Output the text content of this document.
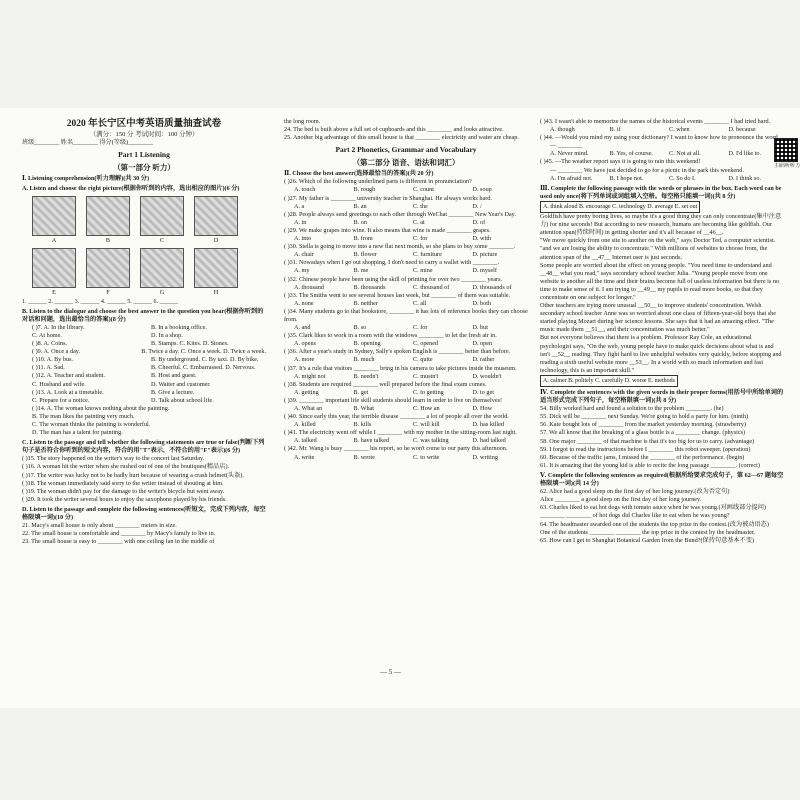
扫码听听力
2020 年长宁区中考英语质量抽查试卷
（满分：150 分 考试时间：100 分钟）

班级________ 姓名________ 得分(等级)________

Part 1 Listening
（第一部分 听力）

Ⅰ. Listening comprehension(听力理解)(共 30 分)

A. Listen and choose the right picture(根据你听到的内容，选出相应的图片)(6 分)

A	B	C	D
E	F	G	H

1. ______ 2. ______ 3. ______ 4. ______ 5. ______ 6. ______

B. Listen to the dialogue and choose the best answer to the question you hear(根据你听到的对话和问题，选出最恰当的答案)(8 分)

( )7. A. In the library.	B. In a booking office.
C. At home.	D. In a shop.
( )8. A. Coins.	B. Stamps. C. Kites. D. Stones.
( )9. A. Once a day.	B. Twice a day. C. Once a week. D. Twice a week.
( )10. A. By bus.	B. By underground. C. By taxi. D. By bike.
( )11. A. Sad.	B. Cheerful. C. Embarrassed. D. Nervous.
( )12. A. Teacher and student.	B. Host and guest.
C. Husband and wife.	D. Waiter and customer.
( )13. A. Look at a timetable.	B. Give a lecture.
C. Prepare for a notice.	D. Talk about school life.
( )14. A. The woman knows nothing about the painting.
B. The man likes the painting very much.
C. The woman thinks the painting is wonderful.
D. The man has a talent for painting.

C. Listen to the passage and tell whether the following statements are true or false(判断下列句子是否符合你听到的短文内容，符合的用"T"表示，不符合的用"F"表示)(6 分)

( )15. The story happened on the writer's way to the concert last Saturday.

( )16. A woman hit the writer when she rushed out of one of the boutiques(精品店).

( )17. The writer was lucky not to be badly hurt because of wearing a crash helmet(头盔).

( )18. The woman immediately said sorry to the writer instead of shouting at him.

( )19. The woman didn't pay for the damage to the writer's bicycle but went away.

( )20. It took the writer several hours to enjoy the saxophone played by his friends.

D. Listen to the passage and complete the following sentences(听短文，完成下列内容，每空格限填一词)(10 分)

21. Macy's small house is only about ________ meters in size.

22. The small house is comfortable and ________ by Macy's family to live in.

23. The small house is easy to ________ with one ceiling fan in the middle of

the long room.

24. The bed is built above a full set of cupboards and this ________ and looks attractive.

25. Another big advantage of this small house is that ________ electricity and water are cheap.

Part 2 Phonetics, Grammar and Vocabulary
（第二部分 语音、语法和词汇）

Ⅱ. Choose the best answer(选择最恰当的答案)(共 20 分)

( )26. Which of the following underlined parts is different in pronunciation?

A. touch	B. rough	C. count	D. soup

( )27. My father is ________ university teacher in Shanghai. He always works hard.

A. a	B. an	C. the	D. /

( )28. People always send greetings to each other through WeChat ________ New Year's Day.

A. in	B. on	C. at	D. of

( )29. We make grapes into wine. It also means that wine is made ________ grapes.

A. into	B. from	C. for	D. with

( )30. Stella is going to move into a new flat next month, so she plans to buy some ________.

A. chair	B. flower	C. furniture	D. picture

( )31. Nowadays when I go out shopping, I don't need to carry a wallet with ________.

A. my	B. me	C. mine	D. myself

( )32. Chinese people have been using the skill of printing for over two ________ years.

A. thousand	B. thousands	C. thousand of	D. thousands of

( )33. The Smiths went to see several houses last week, but ________ of them was suitable.

A. none	B. neither	C. all	D. both

( )34. Many students go to that bookstore, ________ it has lots of reference books they can choose from.

A. and	B. so	C. for	D. but

( )35. Clark likes to work in a room with the windows ________ to let the fresh air in.

A. opens	B. opening	C. opened	D. open

( )36. After a year's study in Sydney, Sally's spoken English is ________ better than before.

A. more	B. much	C. quite	D. rather

( )37. It's a rule that visitors ________ bring in his camera to take pictures inside the museum.

A. might not	B. needn't	C. mustn't	D. wouldn't

( )38. Students are required ________ well prepared before the final exam comes.

A. getting	B. get	C. to getting	D. to get

( )39. ________ important life skill students should learn in order to live on themselves!

A. What an	B. What	C. How an	D. How

( )40. Since early this year, the terrible disease ________ a lot of people all over the world.

A. killed	B. kills	C. will kill	D. has killed

( )41. The electricity went off while I ________ with my mother in the sitting-room last night.

A. talked	B. have talked	C. was talking	D. had talked

( )42. Mr. Wang is busy ________ his report, so he won't come to our party this afternoon.

A. write	B. wrote	C. to write	D. writing

( )43. I wasn't able to memorize the names of the historical events ________ I had tried hard.

A. though	B. if	C. when	D. because

( )44. —Would you mind my using your dictionary? I want to know how to pronounce the word.

— ________
A. Never mind.	B. Yes, of course.	C. Not at all.	D. I'd like to.

( )45. —The weather report says it is going to rain this weekend!

— ________ We have just decided to go for a picnic in the park this weekend.
A. I'm afraid not.	B. I hope not.	C. So do I.	D. I think so.

Ⅲ. Complete the following passage with the words or phrases in the box. Each word can be used only once(将下列单词或词组填入空格。每空格只能填一词)(共 8 分)

A. think aloud B. encourage C. technology D. average E. set out

Goldfish have pretty boring lives, so maybe it's a good thing they can only concentrate(集中注意力) for nine seconds! But according to new research, humans are becoming like goldfish. Our attention span(持续时间) in getting shorter and it's all because of __46__.

"We move quickly from one site to another on the web," says Doctor Ted, a computer scientist. "and we are losing the ability to concentrate." With millions of websites to choose from, the attention span of the __47__ Internet user is just seconds.

Some people are worried about the effect on young people. "You need time to understand and __48__ what you read," says secondary school teacher Julia. "Young people move from one website to another all the time and their brains become full of useless information but there is no time to make sense of it. I am trying to __49__ my pupils to read more books, so that they concentrate on one subject for longer."

Other teachers are trying more unusual __50__ to improve students' concentration. Welsh secondary school teacher Anne was so worried about one class of fifteen-year-old boys that she started playing Mozart during her science lessons. She says that it had an amazing effect. "The music made them __51__, and their concentration was much better."

But not everyone believes that there is a problem. Professor Ray Cole, an educational psychologist says, "On the web, young people have to make quick decisions about what is and isn't __52__ reading. They fight hard to live unhelpful websites very quickly, before stopping and reading a sixth useful website more __53__. In a world with so much information and fast technology, this is an important skill."

A. calmer B. politely C. carefully D. worse E. methods

Ⅳ. Complete the sentences with the given words in their proper forms(用括号中所给单词的适当形式完成下列句子，每空格限填一词)(共 8 分)

54. Billy worked hard and found a solution to the problem ________. (he)

55. Dick will be ________ next Sunday. We're going to hold a party for him. (ninth)

56. Kate bought lots of ________ from the market yesterday morning. (strawberry)

57. We all know that the breaking of a glass bottle is a ________ change. (physics)

58. One major ________ of that machine is that it's too big for us to carry. (advantage)

59. I forgot to read the instructions before I ________ this robot sweeper. (operation)

60. Because of the traffic jams, I missed the ________ of the performance. (begin)

61. It is amazing that the young kid is able to recite the long passage ________. (correct)

Ⅴ. Complete the following sentences as required(根据所给要求完成句子，第 62—67 题每空格限填一词)(共 14 分)

62. Alice had a good sleep on the first day of her long journey.(改为否定句)

Alice ________ a good sleep on the first day of her long journey.

63. Charles liked to eat hot dogs with tomato sauce when he was young.(对画线部分提问)

________ ________ of hot dogs did Charles like to eat when he was young?

64. The headmaster awarded one of the students the top prize in the contest.(改为被动语态)

One of the students ________ ________ the top prize in the contest by the headmaster.

65. How can I get to Shanghai Botanical Garden from the Bund?(保持句意基本不变)

— 5 —
